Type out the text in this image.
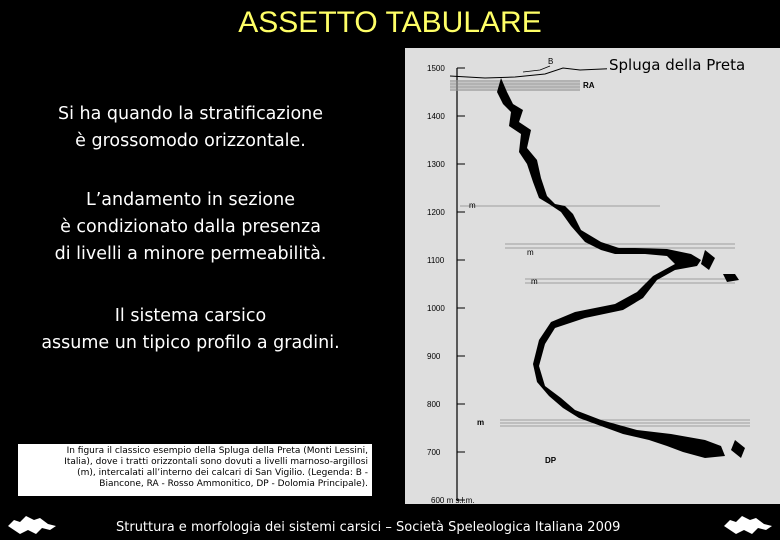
ASSETTO TABULARE
Si ha quando la stratificazione
è grossomodo orizzontale.
L’andamento in sezione
è condizionato dalla presenza
di livelli a minore permeabilità.
Il sistema carsico
assume un tipico profilo a gradini.
In figura il classico esempio della Spluga della Preta (Monti Lessini,
Italia), dove i tratti orizzontali sono dovuti a livelli marnoso-argillosi
(m), intercalati all’interno dei calcari di San Vigilio. (Legenda: B -
Biancone, RA - Rosso Ammonitico, DP - Dolomia Principale).
1500
1400
1300
1200
1100
1000
900
800
700
600 m s.l.m.
B
RA
m
m
m
m
DP
Spluga della Preta
Struttura e morfologia dei sistemi carsici – Società Speleologica Italiana 2009
